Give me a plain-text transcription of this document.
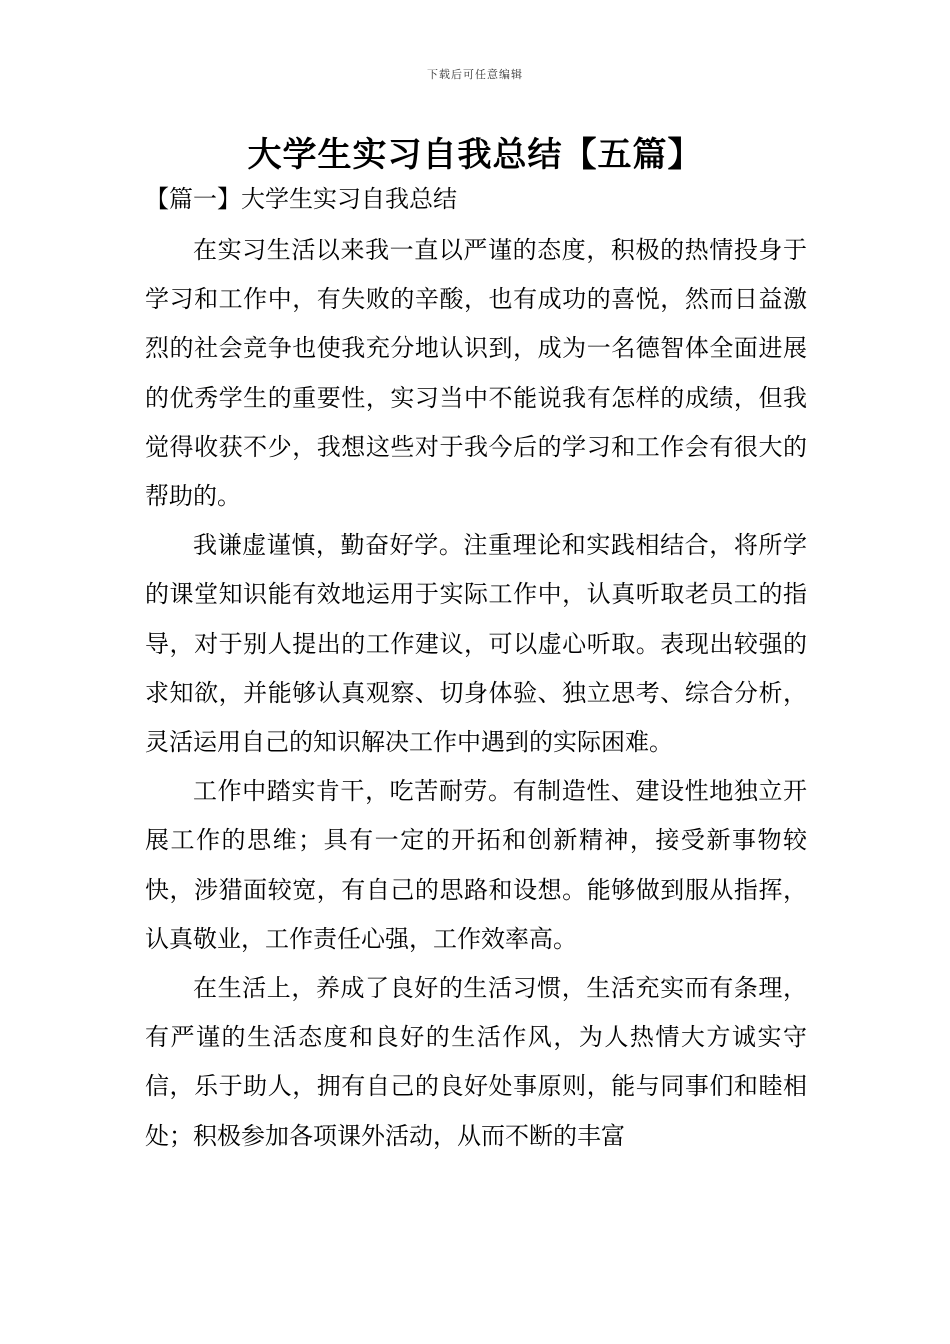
下载后可任意编辑
大学生实习自我总结【五篇】
【篇一】大学生实习自我总结

在实习生活以来我一直以严谨的态度，积极的热情投身于学习和工作中，有失败的辛酸，也有成功的喜悦，然而日益激烈的社会竞争也使我充分地认识到，成为一名德智体全面进展的优秀学生的重要性，实习当中不能说我有怎样的成绩，但我觉得收获不少，我想这些对于我今后的学习和工作会有很大的帮助的。

我谦虚谨慎，勤奋好学。注重理论和实践相结合，将所学的课堂知识能有效地运用于实际工作中，认真听取老员工的指导，对于别人提出的工作建议，可以虚心听取。表现出较强的求知欲，并能够认真观察、切身体验、独立思考、综合分析，灵活运用自己的知识解决工作中遇到的实际困难。

工作中踏实肯干，吃苦耐劳。有制造性、建设性地独立开展工作的思维；具有一定的开拓和创新精神，接受新事物较快，涉猎面较宽，有自己的思路和设想。能够做到服从指挥，认真敬业，工作责任心强，工作效率高。

在生活上，养成了良好的生活习惯，生活充实而有条理，有严谨的生活态度和良好的生活作风，为人热情大方诚实守信，乐于助人，拥有自己的良好处事原则，能与同事们和睦相处；积极参加各项课外活动，从而不断的丰富
